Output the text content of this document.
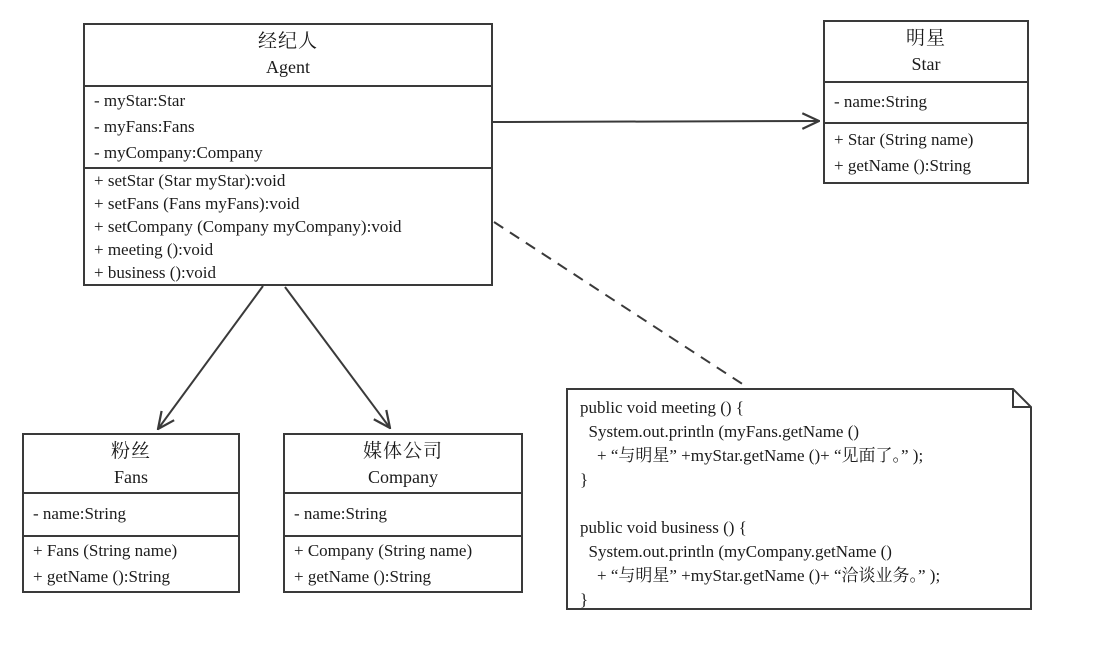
经纪人
Agent
- myStar:Star
- myFans:Fans
- myCompany:Company
+ setStar (Star myStar):void
+ setFans (Fans myFans):void
+ setCompany (Company myCompany):void
+ meeting ():void
+ business ():void
明星
Star
- name:String
+ Star (String name)
+ getName ():String
粉丝
Fans
- name:String
+ Fans (String name)
+ getName ():String
媒体公司
Company
- name:String
+ Company (String name)
+ getName ():String
public void meeting () {
System.out.println (myFans.getName ()
+ “与明星” +myStar.getName ()+ “见面了。” );
}
public void business () {
System.out.println (myCompany.getName ()
+ “与明星” +myStar.getName ()+ “洽谈业务。” );
}
